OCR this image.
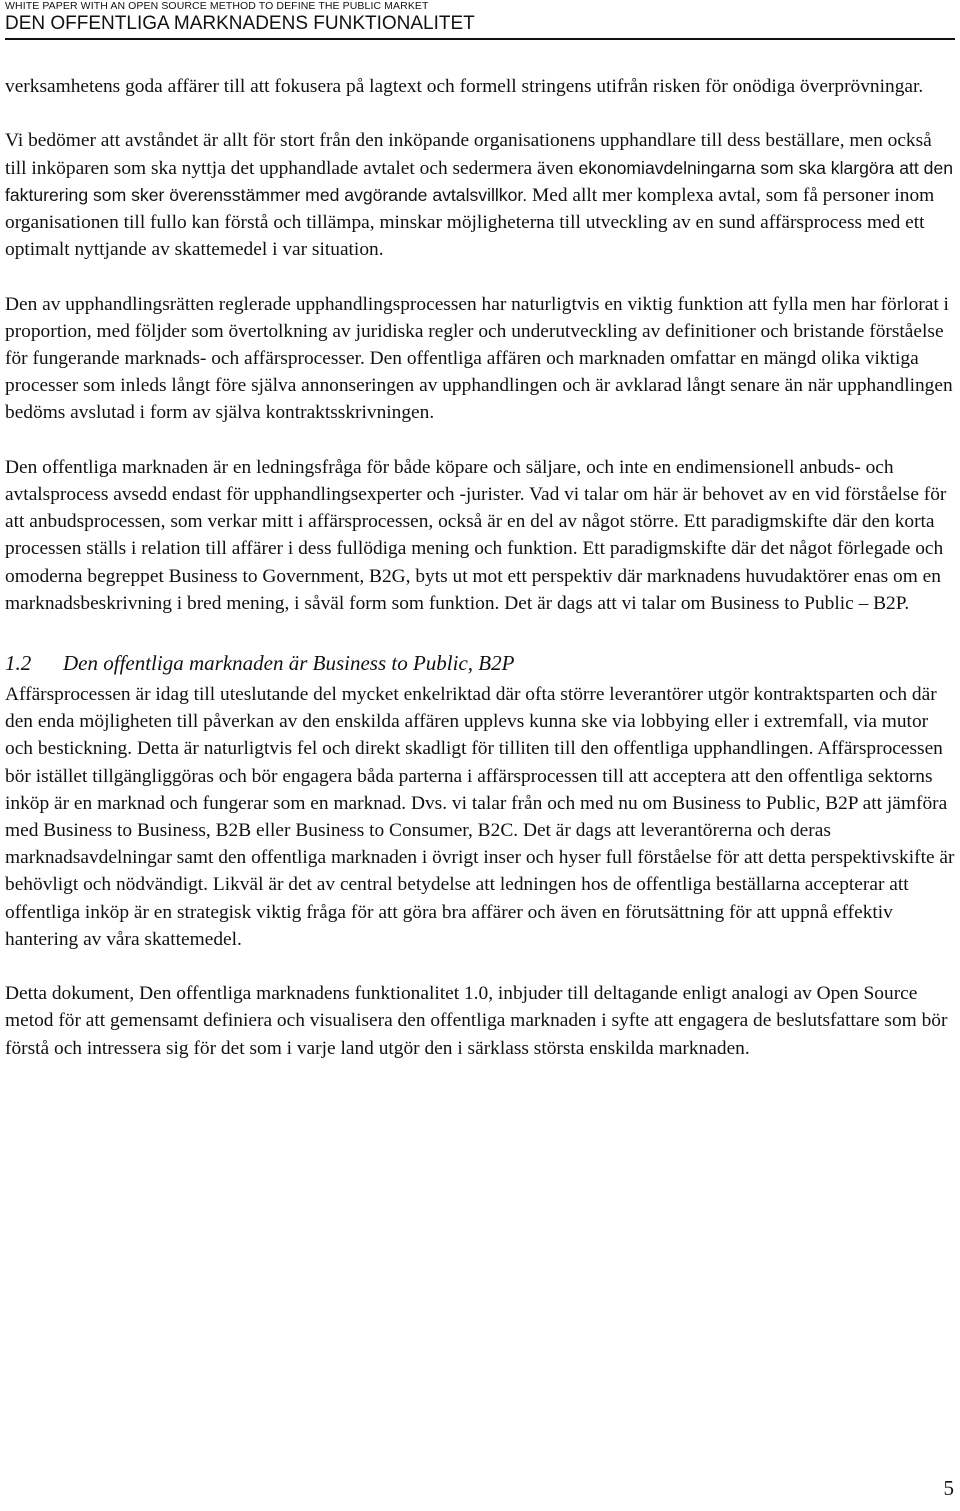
WHITE PAPER WITH AN OPEN SOURCE METHOD TO DEFINE THE PUBLIC MARKET
DEN OFFENTLIGA MARKNADENS FUNKTIONALITET

verksamhetens goda affärer till att fokusera på lagtext och formell stringens utifrån risken för onödiga överprövningar.

Vi bedömer att avståndet är allt för stort från den inköpande organisationens upphandlare till dess beställare, men också till inköparen som ska nyttja det upphandlade avtalet och sedermera även ekonomiavdelningarna som ska klargöra att den fakturering som sker överensstämmer med avgörande avtalsvillkor. Med allt mer komplexa avtal, som få personer inom organisationen till fullo kan förstå och tillämpa, minskar möjligheterna till utveckling av en sund affärsprocess med ett optimalt nyttjande av skattemedel i var situation.

Den av upphandlingsrätten reglerade upphandlingsprocessen har naturligtvis en viktig funktion att fylla men har förlorat i proportion, med följder som övertolkning av juridiska regler och underutveckling av definitioner och bristande förståelse för fungerande marknads- och affärsprocesser. Den offentliga affären och marknaden omfattar en mängd olika viktiga processer som inleds långt före själva annonseringen av upphandlingen och är avklarad långt senare än när upphandlingen bedöms avslutad i form av själva kontraktsskrivningen.

Den offentliga marknaden är en ledningsfråga för både köpare och säljare, och inte en endimensionell anbuds- och avtalsprocess avsedd endast för upphandlingsexperter och -jurister. Vad vi talar om här är behovet av en vid förståelse för att anbudsprocessen, som verkar mitt i affärsprocessen, också är en del av något större. Ett paradigmskifte där den korta processen ställs i relation till affärer i dess fullödiga mening och funktion. Ett paradigmskifte där det något förlegade och omoderna begreppet Business to Government, B2G, byts ut mot ett perspektiv där marknadens huvudaktörer enas om en marknadsbeskrivning i bred mening, i såväl form som funktion. Det är dags att vi talar om Business to Public – B2P.

1.2 Den offentliga marknaden är Business to Public, B2P

Affärsprocessen är idag till uteslutande del mycket enkelriktad där ofta större leverantörer utgör kontraktsparten och där den enda möjligheten till påverkan av den enskilda affären upplevs kunna ske via lobbying eller i extremfall, via mutor och bestickning. Detta är naturligtvis fel och direkt skadligt för tilliten till den offentliga upphandlingen. Affärsprocessen bör istället tillgängliggöras och bör engagera båda parterna i affärsprocessen till att acceptera att den offentliga sektorns inköp är en marknad och fungerar som en marknad. Dvs. vi talar från och med nu om Business to Public, B2P att jämföra med Business to Business, B2B eller Business to Consumer, B2C. Det är dags att leverantörerna och deras marknadsavdelningar samt den offentliga marknaden i övrigt inser och hyser full förståelse för att detta perspektivskifte är behövligt och nödvändigt. Likväl är det av central betydelse att ledningen hos de offentliga beställarna accepterar att offentliga inköp är en strategisk viktig fråga för att göra bra affärer och även en förutsättning för att uppnå effektiv hantering av våra skattemedel.

Detta dokument, Den offentliga marknadens funktionalitet 1.0, inbjuder till deltagande enligt analogi av Open Source metod för att gemensamt definiera och visualisera den offentliga marknaden i syfte att engagera de beslutsfattare som bör förstå och intressera sig för det som i varje land utgör den i särklass största enskilda marknaden.

5
